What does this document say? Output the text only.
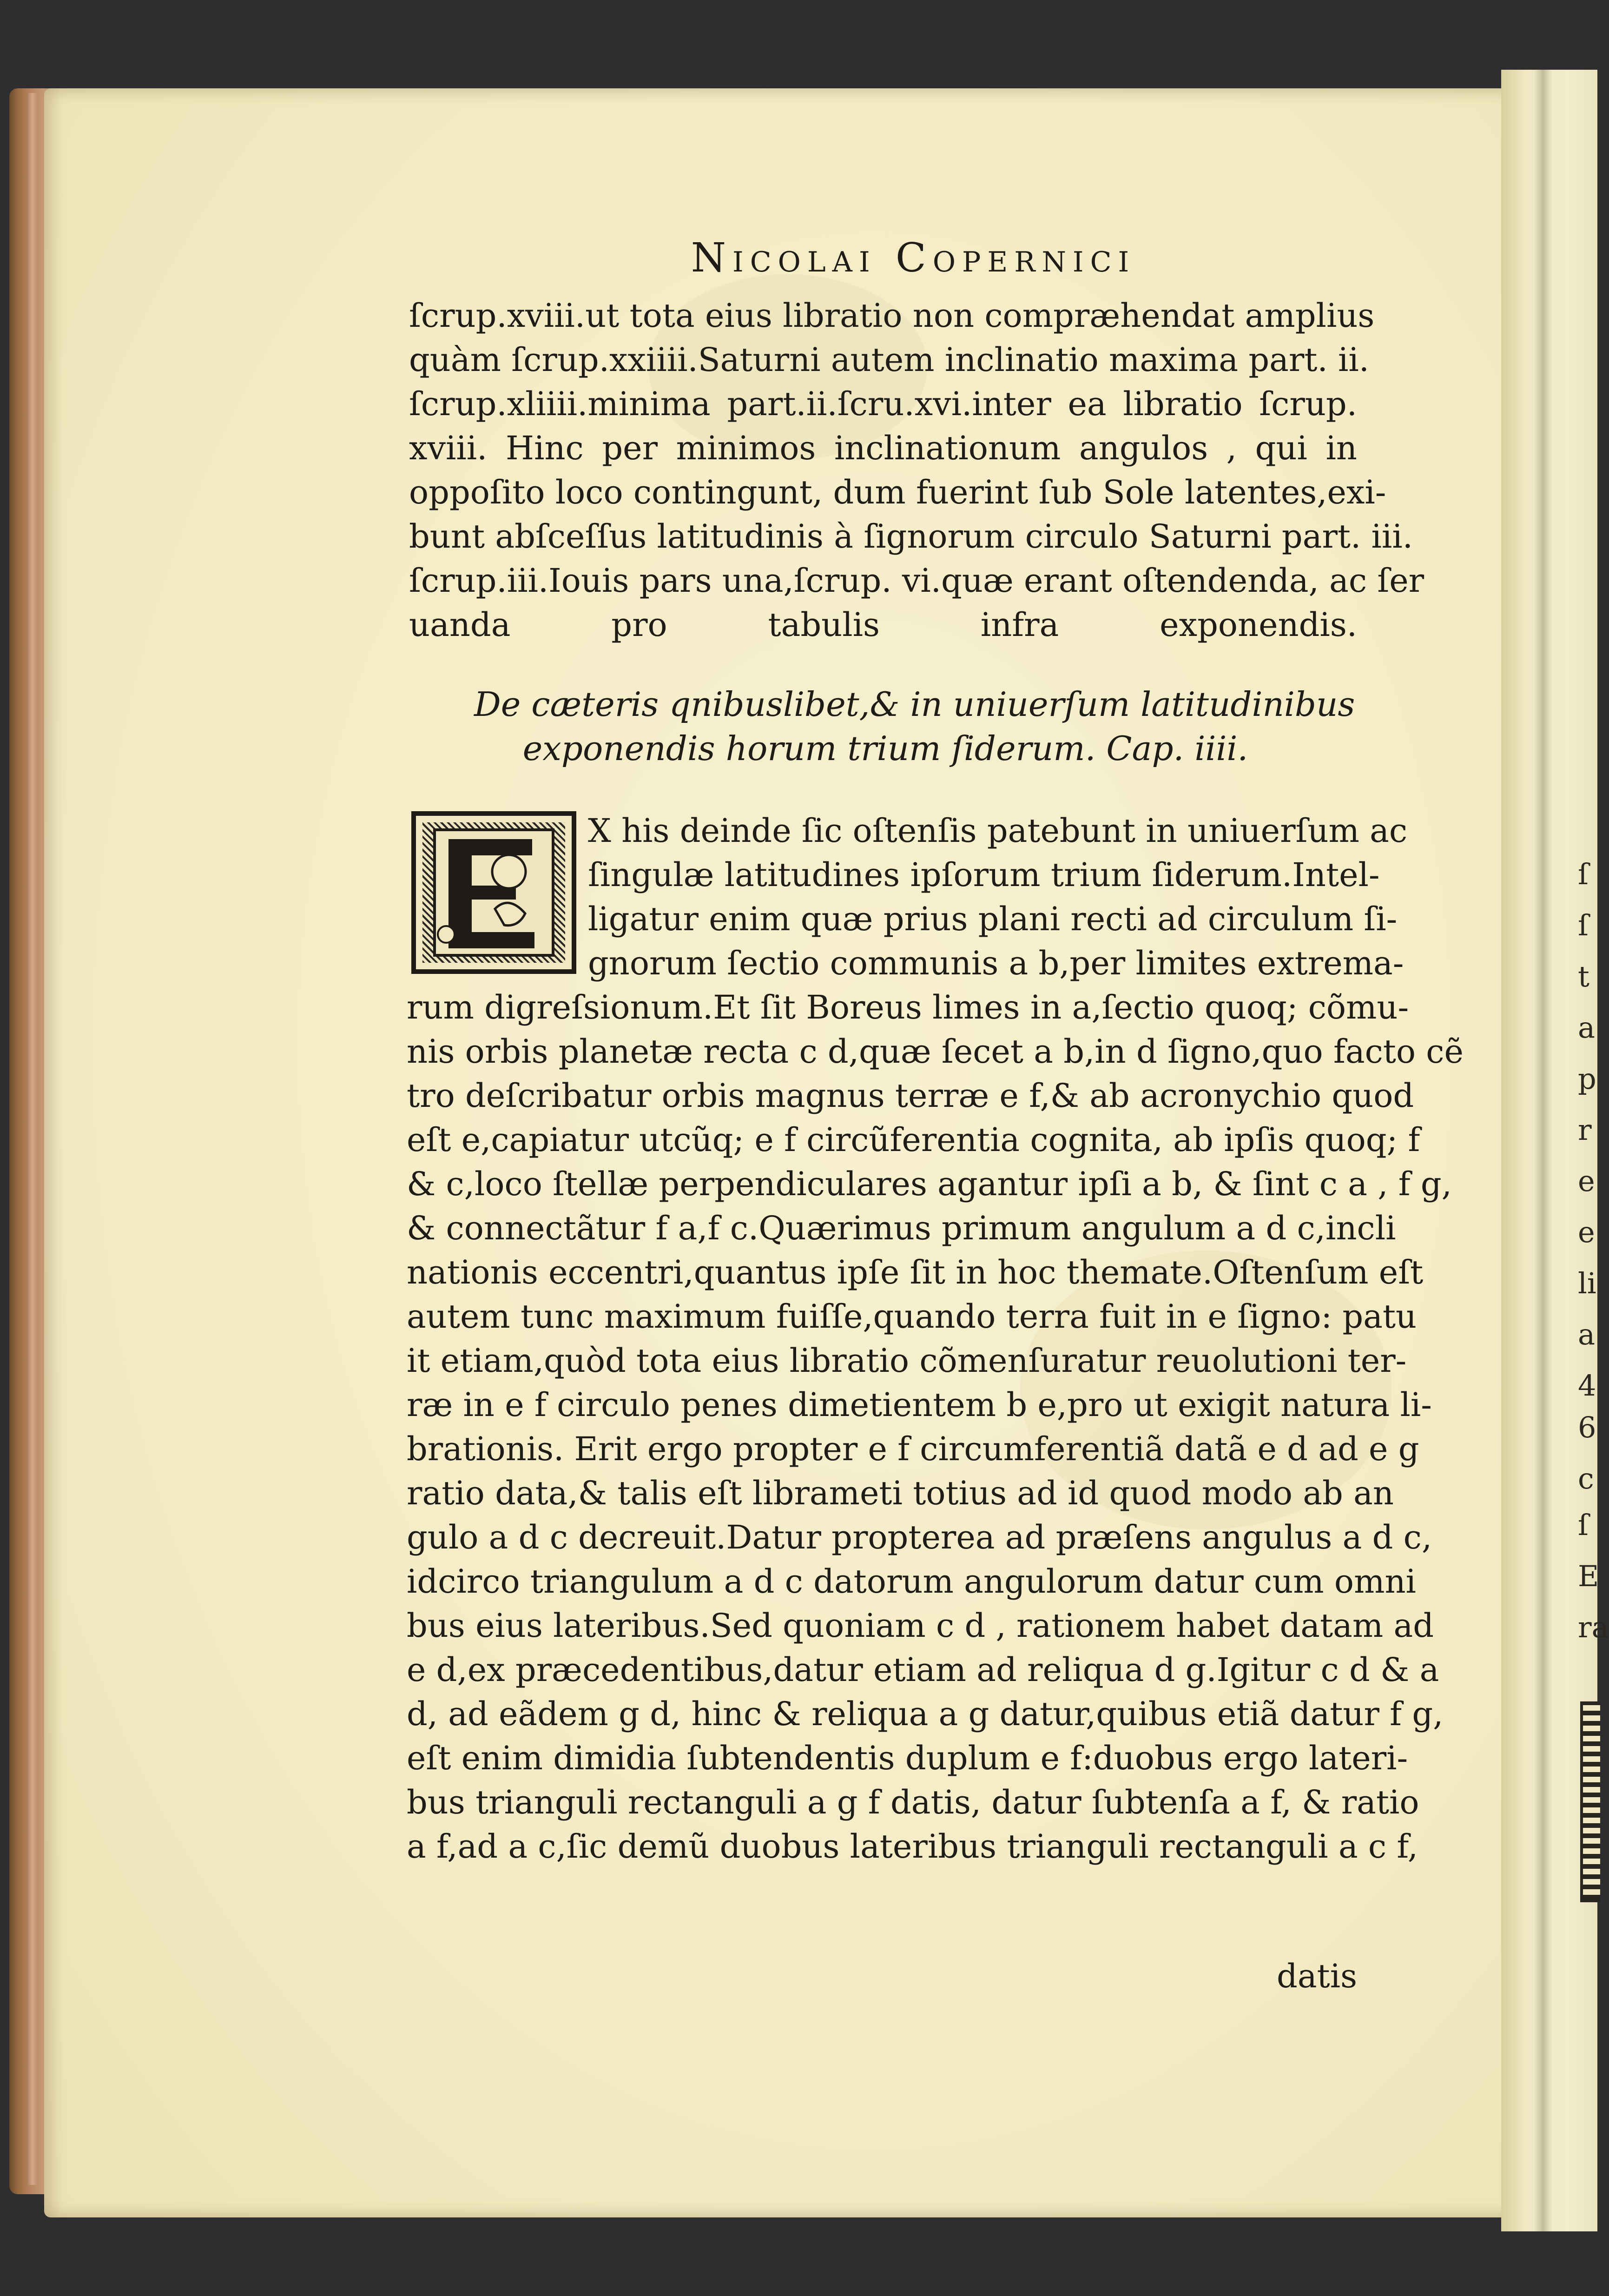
ſ
ſ
t
a
p
r
e
e
li
a
4
6
c
ſ
E
ra
Nicolai Copernici
ſcrup.xviii.ut tota eius libratio non compræhendat amplius
quàm ſcrup.xxiiii.Saturni autem inclinatio maxima part. ii.
ſcrup.xliiii.minima part.ii.ſcru.xvi.inter ea libratio ſcrup.
xviii. Hinc per minimos inclinationum angulos , qui in
oppoſito loco contingunt, dum fuerint ſub Sole latentes,exi-
bunt abſceſſus latitudinis à ſignorum circulo Saturni part. iii.
ſcrup.iii.Iouis pars una,ſcrup. vi.quæ erant oſtendenda, ac ſer
uanda pro tabulis infra exponendis.
De cæteris qnibuslibet,& in uniuerſum latitudinibus
exponendis horum trium ſiderum. Cap. iiii.
X his deinde ſic oſtenſis patebunt in uniuerſum ac
ſingulæ latitudines ipſorum trium ſiderum.Intel-
ligatur enim quæ prius plani recti ad circulum ſi-
gnorum ſectio communis a b,per limites extrema-
rum digreſsionum.Et ſit Boreus limes in a,ſectio quoq; cõmu-
nis orbis planetæ recta c d,quæ ſecet a b,in d ſigno,quo facto cẽ
tro deſcribatur orbis magnus terræ e f,& ab acronychio quod
eſt e,capiatur utcũq; e f circũferentia cognita, ab ipſis quoq; f
& c,loco ſtellæ perpendiculares agantur ipſi a b, & ſint c a , f g,
& connectãtur f a,f c.Quærimus primum angulum a d c,incli
nationis eccentri,quantus ipſe ſit in hoc themate.Oſtenſum eſt
autem tunc maximum fuiſſe,quando terra fuit in e ſigno: patu
it etiam,quòd tota eius libratio cõmenſuratur reuolutioni ter-
ræ in e f circulo penes dimetientem b e,pro ut exigit natura li-
brationis. Erit ergo propter e f circumferentiã datã e d ad e g
ratio data,& talis eſt librameti totius ad id quod modo ab an
gulo a d c decreuit.Datur propterea ad præſens angulus a d c,
idcirco triangulum a d c datorum angulorum datur cum omni
bus eius lateribus.Sed quoniam c d , rationem habet datam ad
e d,ex præcedentibus,datur etiam ad reliqua d g.Igitur c d & a
d, ad eãdem g d, hinc & reliqua a g datur,quibus etiã datur f g,
eſt enim dimidia ſubtendentis duplum e f:duobus ergo lateri-
bus trianguli rectanguli a g f datis, datur ſubtenſa a f, & ratio
a f,ad a c,ſic demũ duobus lateribus trianguli rectanguli a c f,
datis
